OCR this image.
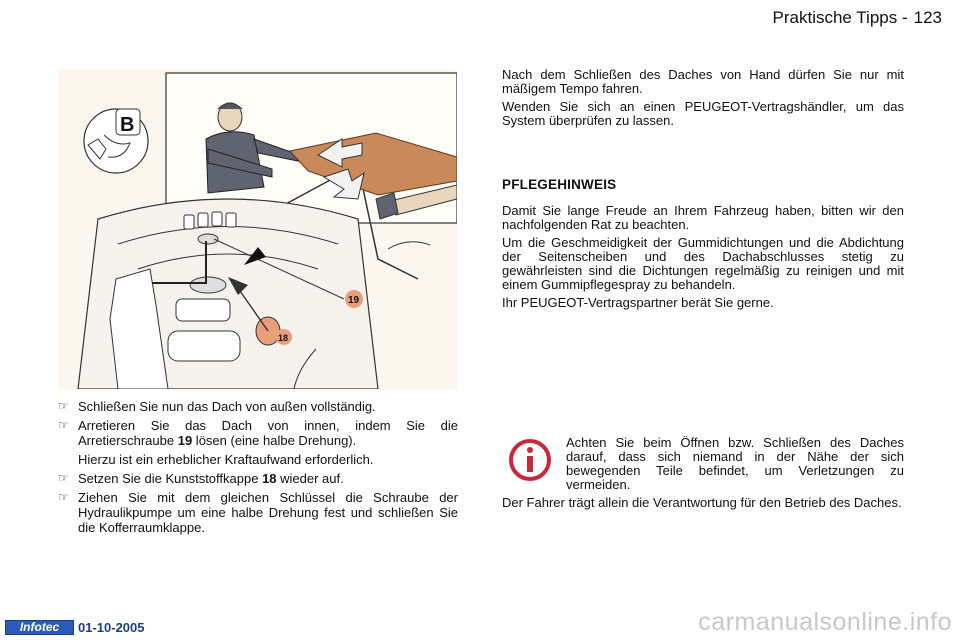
Praktische Tipps - 123
B
19
18
☞ Schließen Sie nun das Dach von außen vollständig.
☞ Arretieren Sie das Dach von innen, indem Sie die Arretierschraube 19 lösen (eine halbe Drehung).
Hierzu ist ein erheblicher Kraftaufwand erforderlich.
☞ Setzen Sie die Kunststoffkappe 18 wieder auf.
☞ Ziehen Sie mit dem gleichen Schlüssel die Schraube der Hydraulikpumpe um eine halbe Drehung fest und schließen Sie die Kofferraumklappe.

Nach dem Schließen des Daches von Hand dürfen Sie nur mit mäßigem Tempo fahren.

Wenden Sie sich an einen PEUGEOT-Vertragshändler, um das System überprüfen zu lassen.

PFLEGEHINWEIS

Damit Sie lange Freude an Ihrem Fahrzeug haben, bitten wir den nachfolgenden Rat zu beachten.

Um die Geschmeidigkeit der Gummidichtungen und die Abdichtung der Seitenscheiben und des Dachabschlusses stetig zu gewährleisten sind die Dichtungen regelmäßig zu reinigen und mit einem Gummipflegespray zu behandeln.

Ihr PEUGEOT-Vertragspartner berät Sie gerne.

Achten Sie beim Öffnen bzw. Schließen des Daches darauf, dass sich niemand in der Nähe der sich bewegenden Teile befindet, um Verletzungen zu vermeiden.

Der Fahrer trägt allein die Verantwortung für den Betrieb des Daches.

Infotec	01-10-2005	carmanualsonline.info
